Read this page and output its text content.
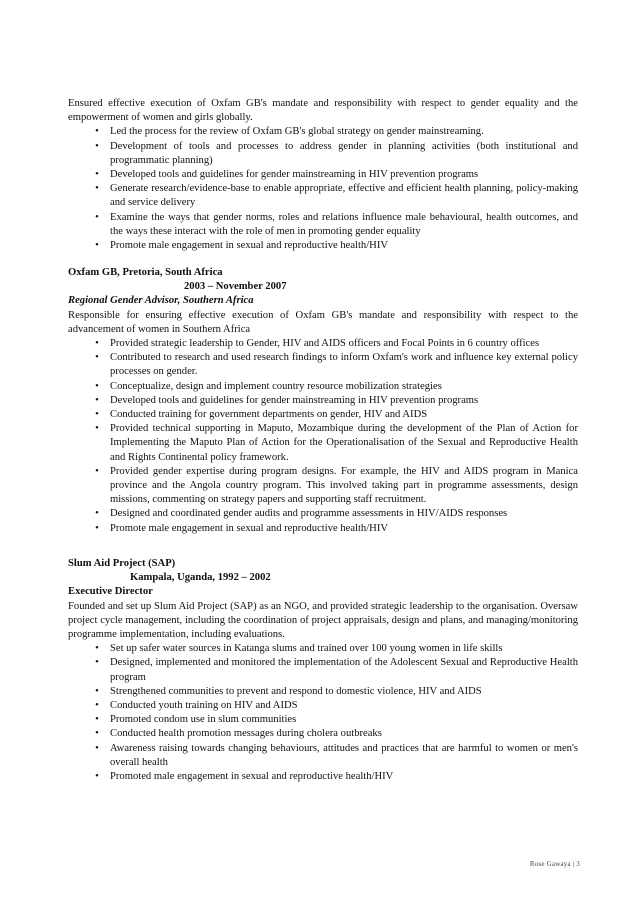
Ensured effective execution of Oxfam GB's mandate and responsibility with respect to gender equality and the empowerment of women and girls globally.
• Led the process for the review of Oxfam GB's global strategy on gender mainstreaming.
• Development of tools and processes to address gender in planning activities (both institutional and programmatic planning)
• Developed tools and guidelines for gender mainstreaming in HIV prevention programs
• Generate research/evidence-base to enable appropriate, effective and efficient health planning, policy-making and service delivery
• Examine the ways that gender norms, roles and relations influence male behavioural, health outcomes, and the ways these interact with the role of men in promoting gender equality
• Promote male engagement in sexual and reproductive health/HIV
Oxfam GB, Pretoria, South Africa
2003 – November 2007
Regional Gender Advisor, Southern Africa
Responsible for ensuring effective execution of Oxfam GB's mandate and responsibility with respect to the advancement of women in Southern Africa
• Provided strategic leadership to Gender, HIV and AIDS officers and Focal Points in 6 country offices
• Contributed to research and used research findings to inform Oxfam's work and influence key external policy processes on gender.
• Conceptualize, design and implement country resource mobilization strategies
• Developed tools and guidelines for gender mainstreaming in HIV prevention programs
• Conducted training for government departments on gender, HIV and AIDS
• Provided technical supporting in Maputo, Mozambique during the development of the Plan of Action for Implementing the Maputo Plan of Action for the Operationalisation of the Sexual and Reproductive Health and Rights Continental policy framework.
• Provided gender expertise during program designs. For example, the HIV and AIDS program in Manica province and the Angola country program. This involved taking part in programme assessments, design missions, commenting on strategy papers and supporting staff recruitment.
• Designed and coordinated gender audits and programme assessments in HIV/AIDS responses
• Promote male engagement in sexual and reproductive health/HIV
Slum Aid Project (SAP)
Kampala, Uganda, 1992 – 2002
Executive Director
Founded and set up Slum Aid Project (SAP) as an NGO, and provided strategic leadership to the organisation. Oversaw project cycle management, including the coordination of project appraisals, design and plans, and managing/monitoring programme implementation, including evaluations.
• Set up safer water sources in Katanga slums and trained over 100 young women in life skills
• Designed, implemented and monitored the implementation of the Adolescent Sexual and Reproductive Health program
• Strengthened communities to prevent and respond to domestic violence, HIV and AIDS
• Conducted youth training on HIV and AIDS
• Promoted condom use in slum communities
• Conducted health promotion messages during cholera outbreaks
• Awareness raising towards changing behaviours, attitudes and practices that are harmful to women or men's overall health
• Promoted male engagement in sexual and reproductive health/HIV
Rose Gawaya | 3
